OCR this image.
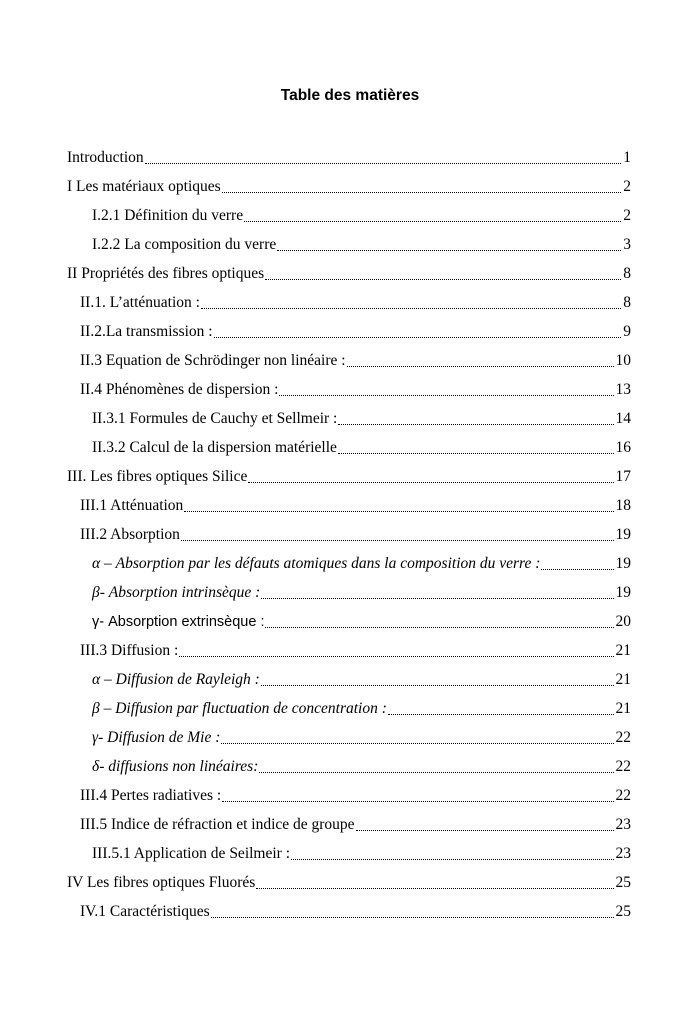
Table des matières
Introduction	1
I Les matériaux optiques	2
I.2.1 Définition du verre	2
I.2.2 La composition du verre	3
II Propriétés des fibres optiques	8
II.1. L’atténuation :	8
II.2.La transmission :	9
II.3 Equation de Schrödinger non linéaire :	10
II.4 Phénomènes de dispersion :	13
II.3.1 Formules de Cauchy et Sellmeir :	14
II.3.2 Calcul de la dispersion matérielle	16
III. Les fibres optiques Silice	17
III.1 Atténuation	18
III.2 Absorption	19
α – Absorption par les défauts atomiques dans la composition du verre :	19
β- Absorption intrinsèque :	19
γ- Absorption extrinsèque :	20
III.3 Diffusion :	21
α – Diffusion de Rayleigh :	21
β – Diffusion par fluctuation de concentration :	21
γ- Diffusion de Mie :	22
δ- diffusions non linéaires:	22
III.4 Pertes radiatives :	22
III.5 Indice de réfraction et indice de groupe	23
III.5.1 Application de Seilmeir :	23
IV Les fibres optiques Fluorés	25
IV.1 Caractéristiques	25
